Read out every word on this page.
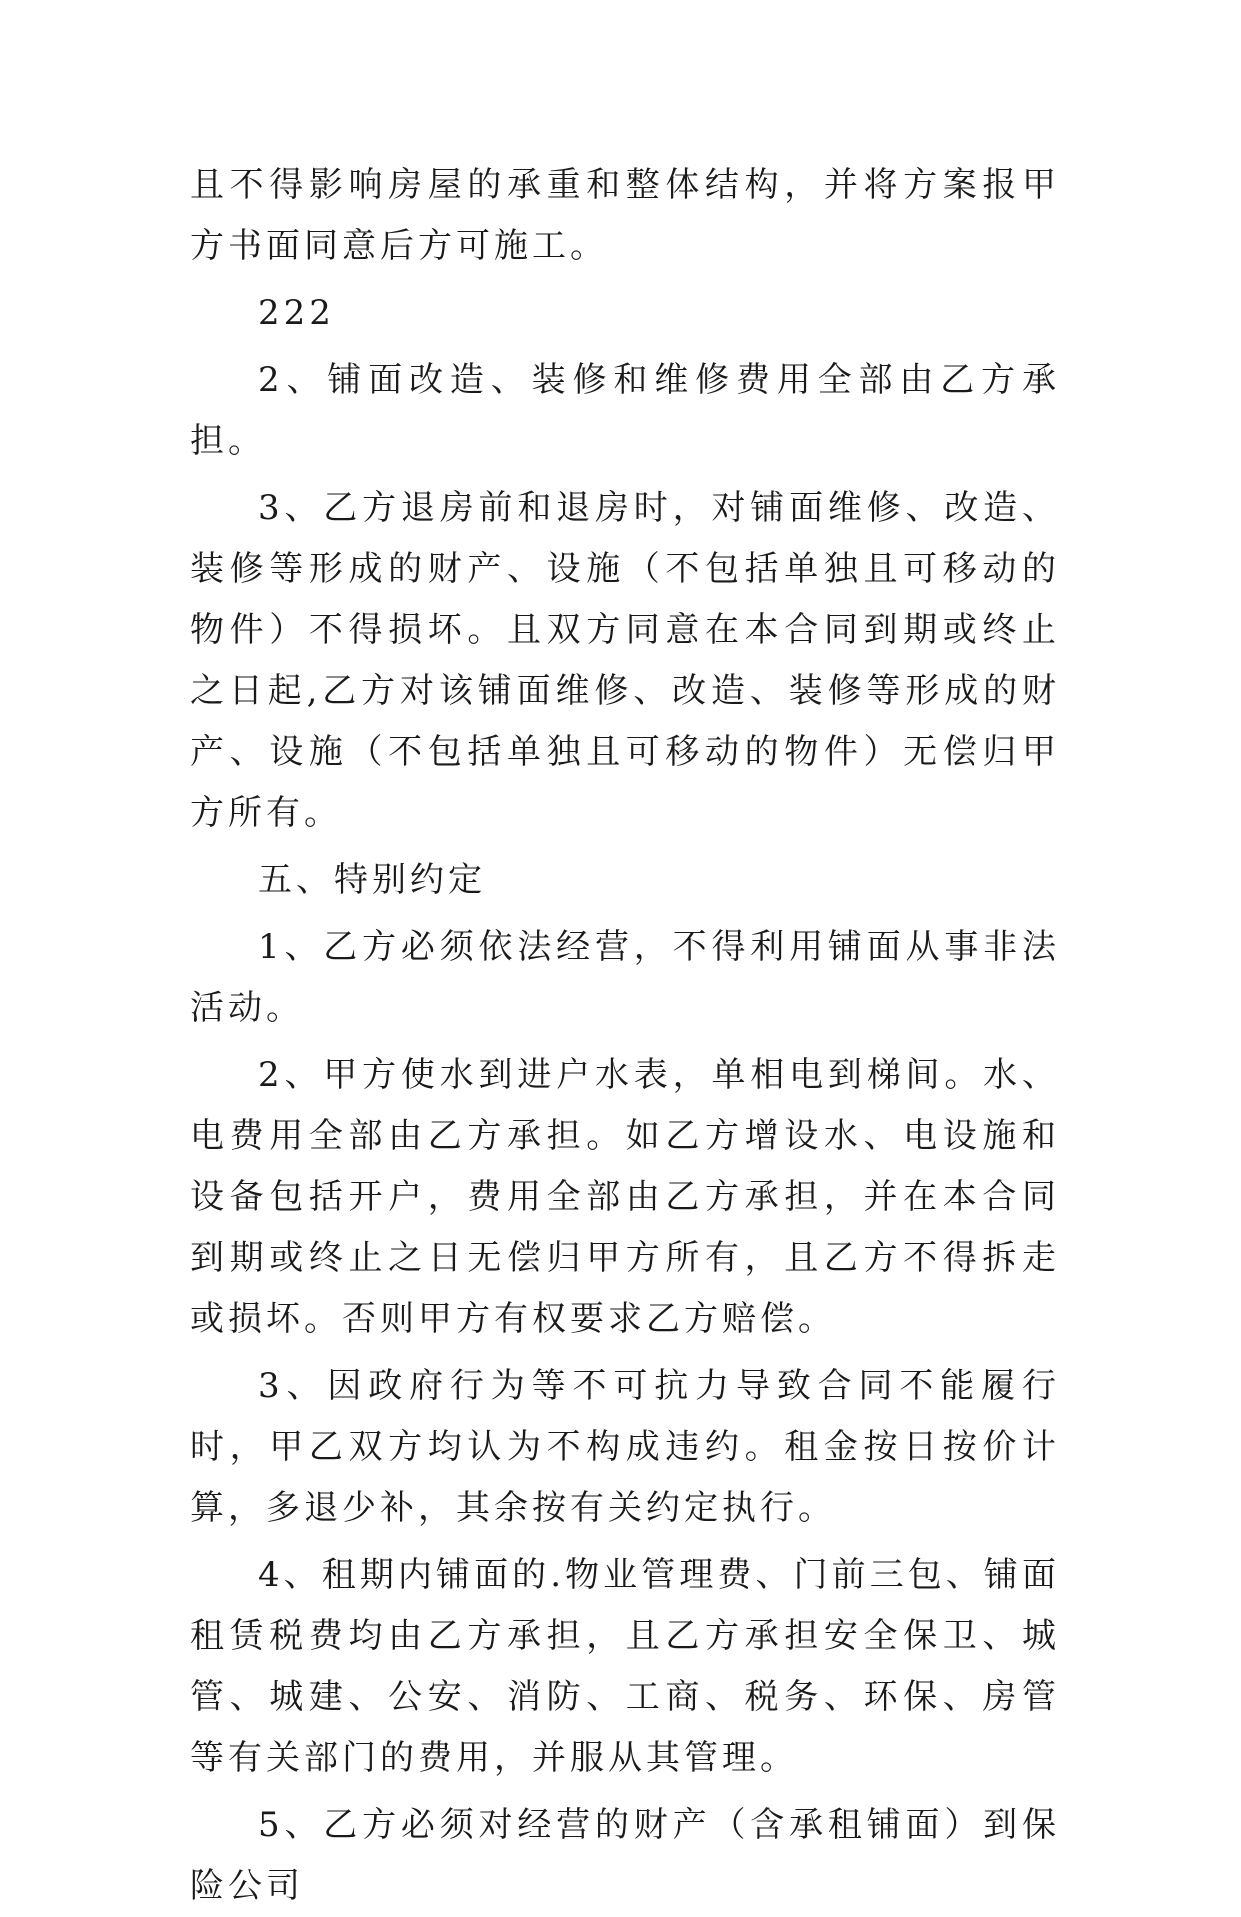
且不得影响房屋的承重和整体结构，并将方案报甲方书面同意后方可施工。

222

2、铺面改造、装修和维修费用全部由乙方承担。

3、乙方退房前和退房时，对铺面维修、改造、装修等形成的财产、设施（不包括单独且可移动的物件）不得损坏。且双方同意在本合同到期或终止之日起,乙方对该铺面维修、改造、装修等形成的财产、设施（不包括单独且可移动的物件）无偿归甲方所有。

五、特别约定

1、乙方必须依法经营，不得利用铺面从事非法活动。

2、甲方使水到进户水表，单相电到梯间。水、电费用全部由乙方承担。如乙方增设水、电设施和设备包括开户，费用全部由乙方承担，并在本合同到期或终止之日无偿归甲方所有，且乙方不得拆走或损坏。否则甲方有权要求乙方赔偿。

3、因政府行为等不可抗力导致合同不能履行时，甲乙双方均认为不构成违约。租金按日按价计算，多退少补，其余按有关约定执行。

4、租期内铺面的.物业管理费、门前三包、铺面租赁税费均由乙方承担，且乙方承担安全保卫、城管、城建、公安、消防、工商、税务、环保、房管等有关部门的费用，并服从其管理。

5、乙方必须对经营的财产（含承租铺面）到保险公司
